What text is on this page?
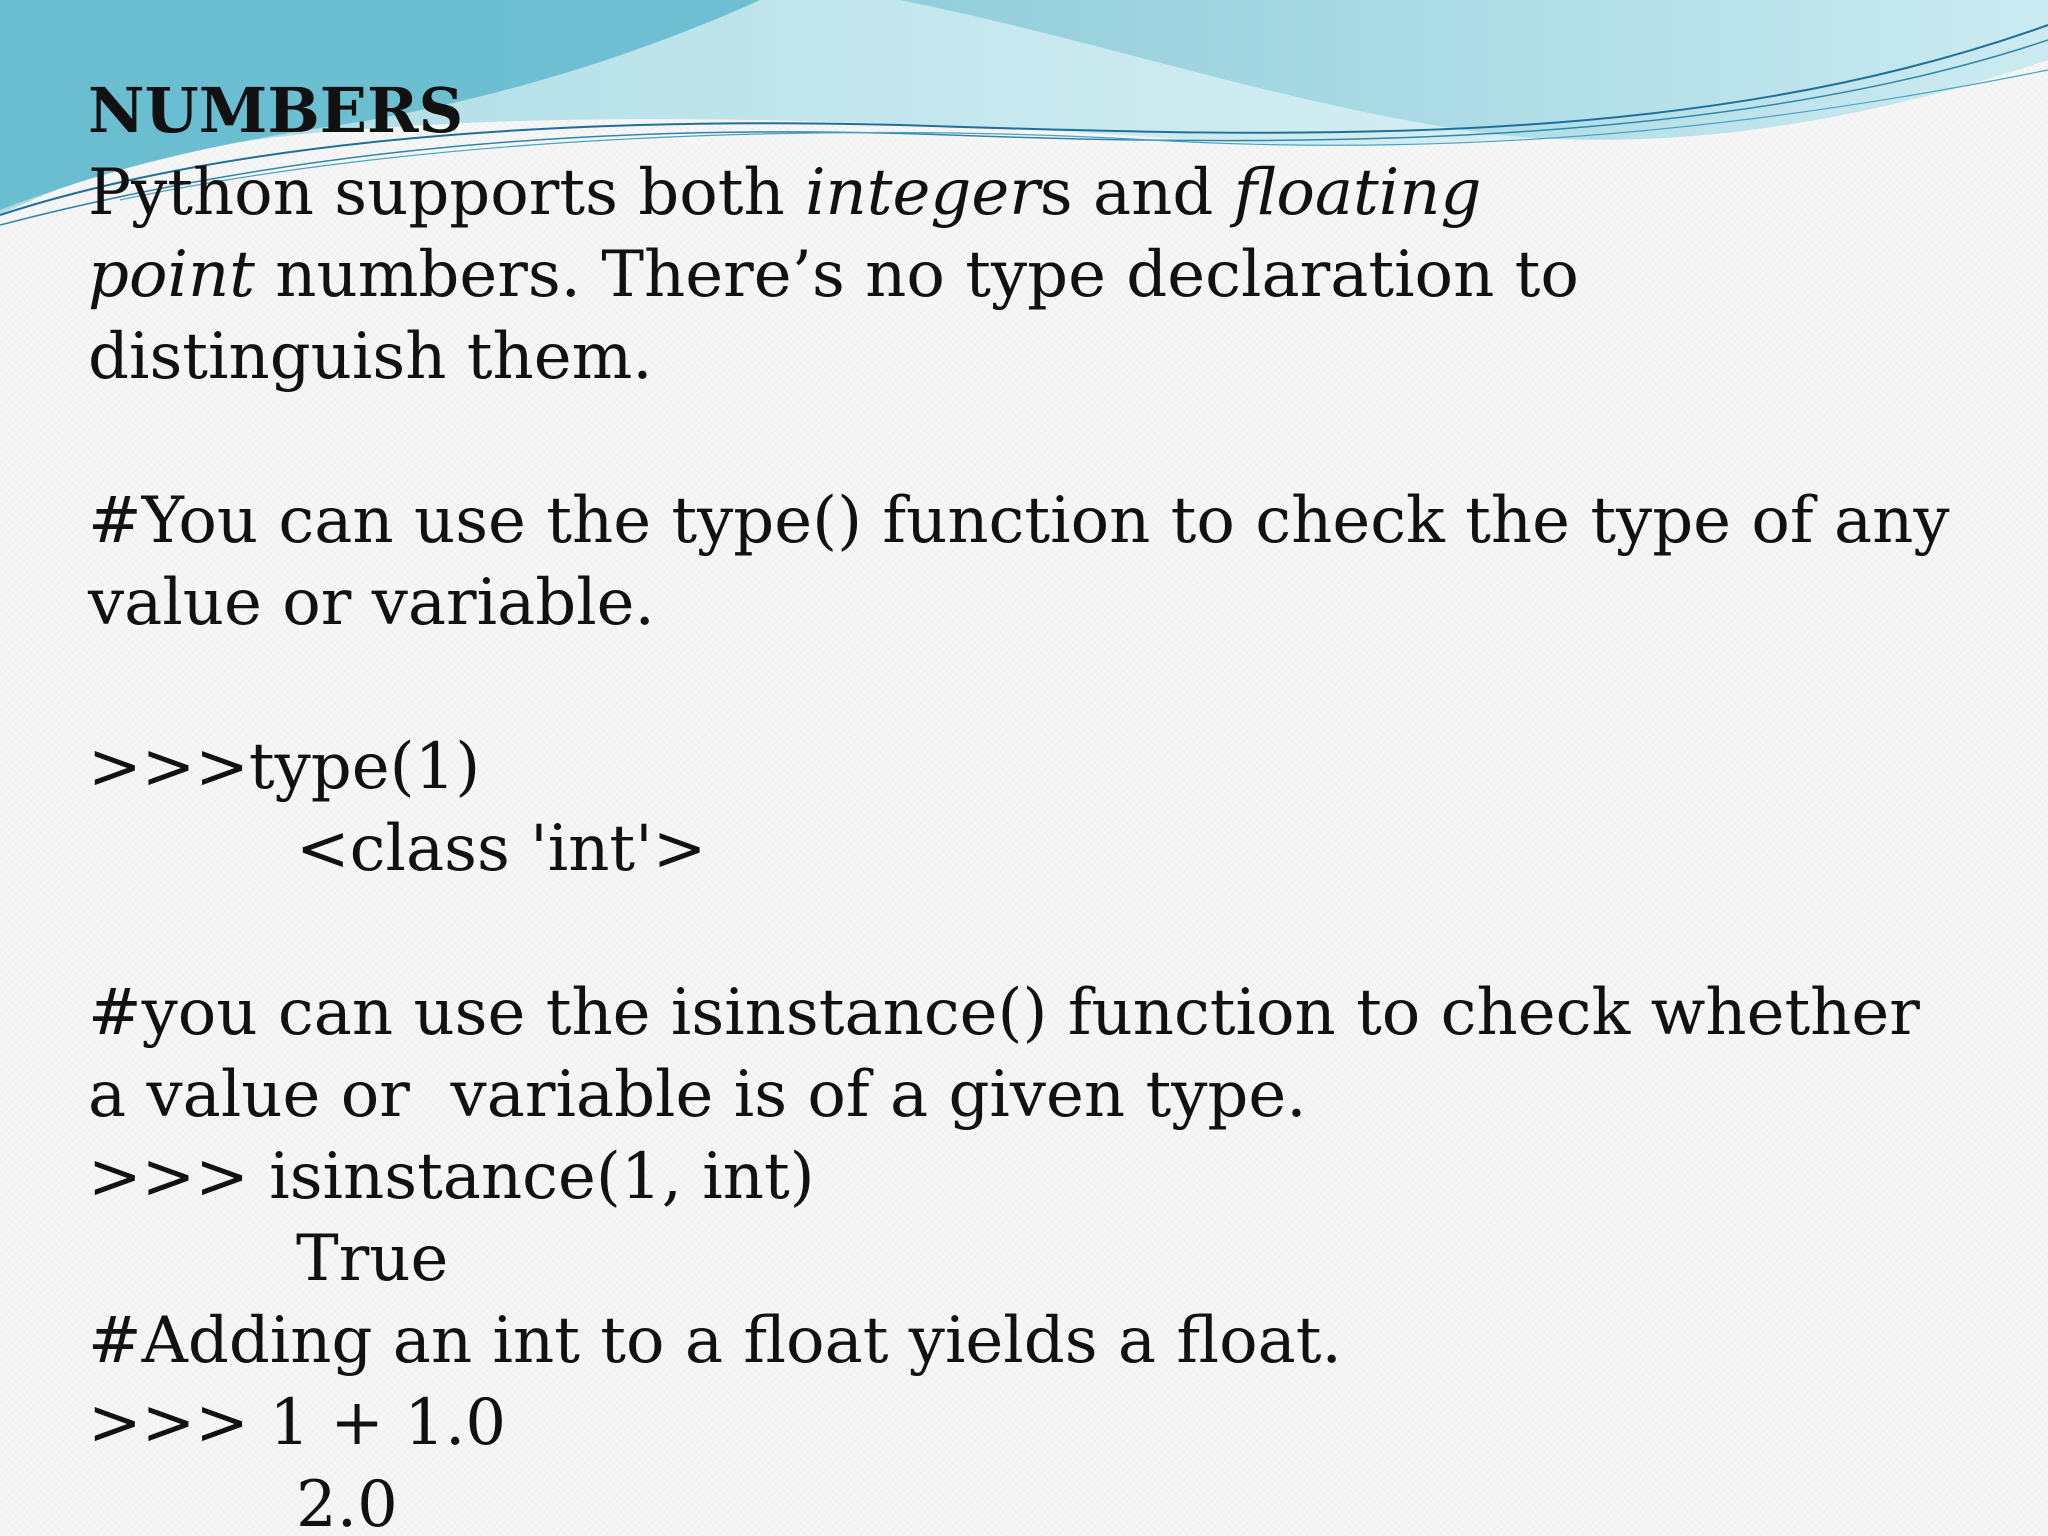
NUMBERS
Python supports both integers and floating
point numbers. There’s no type declaration to
distinguish them.
#You can use the type() function to check the type of any
value or variable.
>>>type(1)
<class 'int'>
#you can use the isinstance() function to check whether
a value or  variable is of a given type.
>>> isinstance(1, int)
True
#Adding an int to a float yields a float.
>>> 1 + 1.0
2.0
